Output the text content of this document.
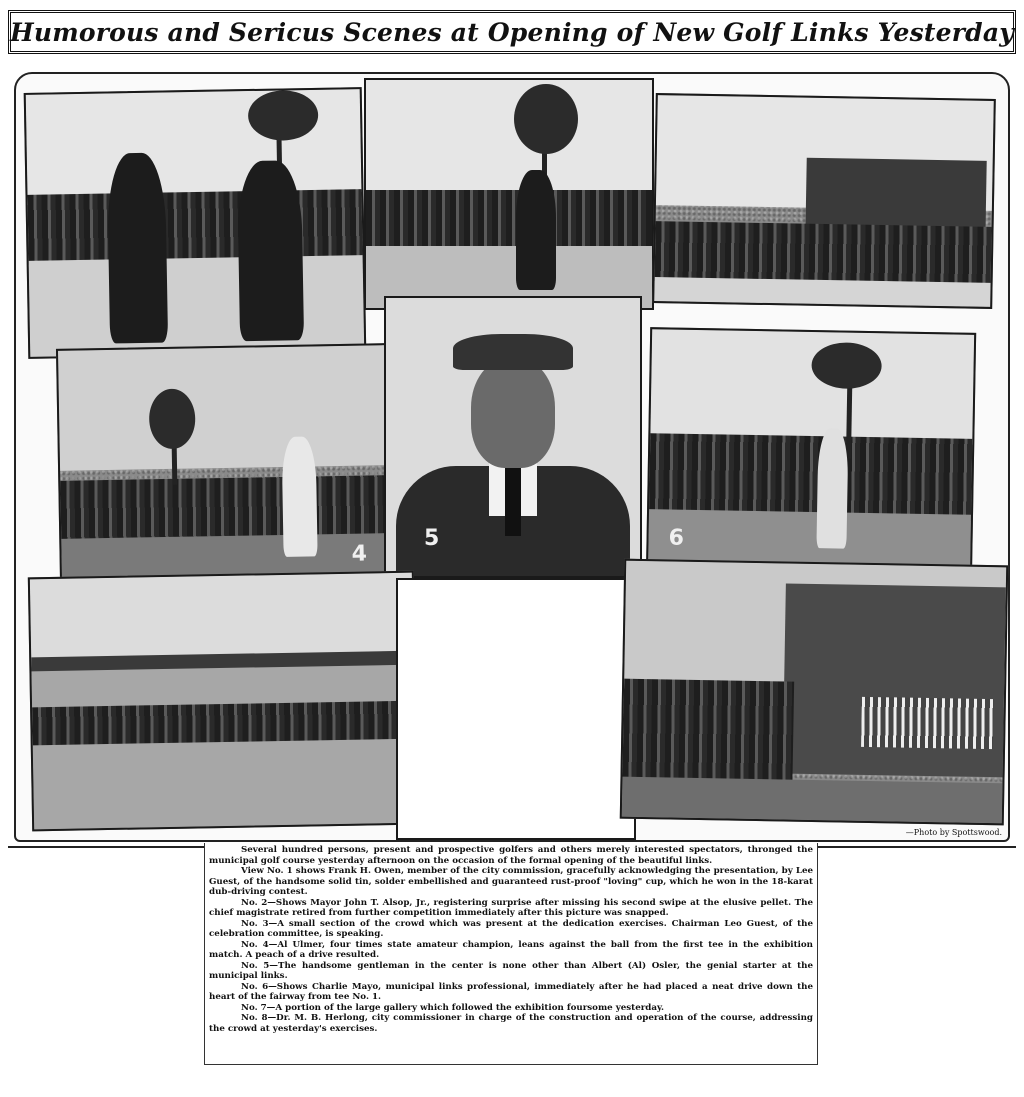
Humorous and Sericus Scenes at Opening of New Golf Links Yesterday
4
5	6
—Photo by Spottswood.

Several hundred persons, present and prospective golfers and others merely interested spectators, thronged the municipal golf course yesterday afternoon on the occasion of the formal opening of the beautiful links.

View No. 1 shows Frank H. Owen, member of the city commission, gracefully acknowledging the presentation, by Lee Guest, of the handsome solid tin, solder embellished and guaranteed rust-proof "loving" cup, which he won in the 18-karat dub-driving contest.

No. 2—Shows Mayor John T. Alsop, Jr., registering surprise after missing his second swipe at the elusive pellet. The chief magistrate retired from further competition immediately after this picture was snapped.

No. 3—A small section of the crowd which was present at the dedication exercises. Chairman Leo Guest, of the celebration committee, is speaking.

No. 4—Al Ulmer, four times state amateur champion, leans against the ball from the first tee in the exhibition match. A peach of a drive resulted.

No. 5—The handsome gentleman in the center is none other than Albert (Al) Osler, the genial starter at the municipal links.

No. 6—Shows Charlie Mayo, municipal links professional, immediately after he had placed a neat drive down the heart of the fairway from tee No. 1.

No. 7—A portion of the large gallery which followed the exhibition foursome yesterday.

No. 8—Dr. M. B. Herlong, city commissioner in charge of the construction and operation of the course, addressing the crowd at yesterday's exercises.
